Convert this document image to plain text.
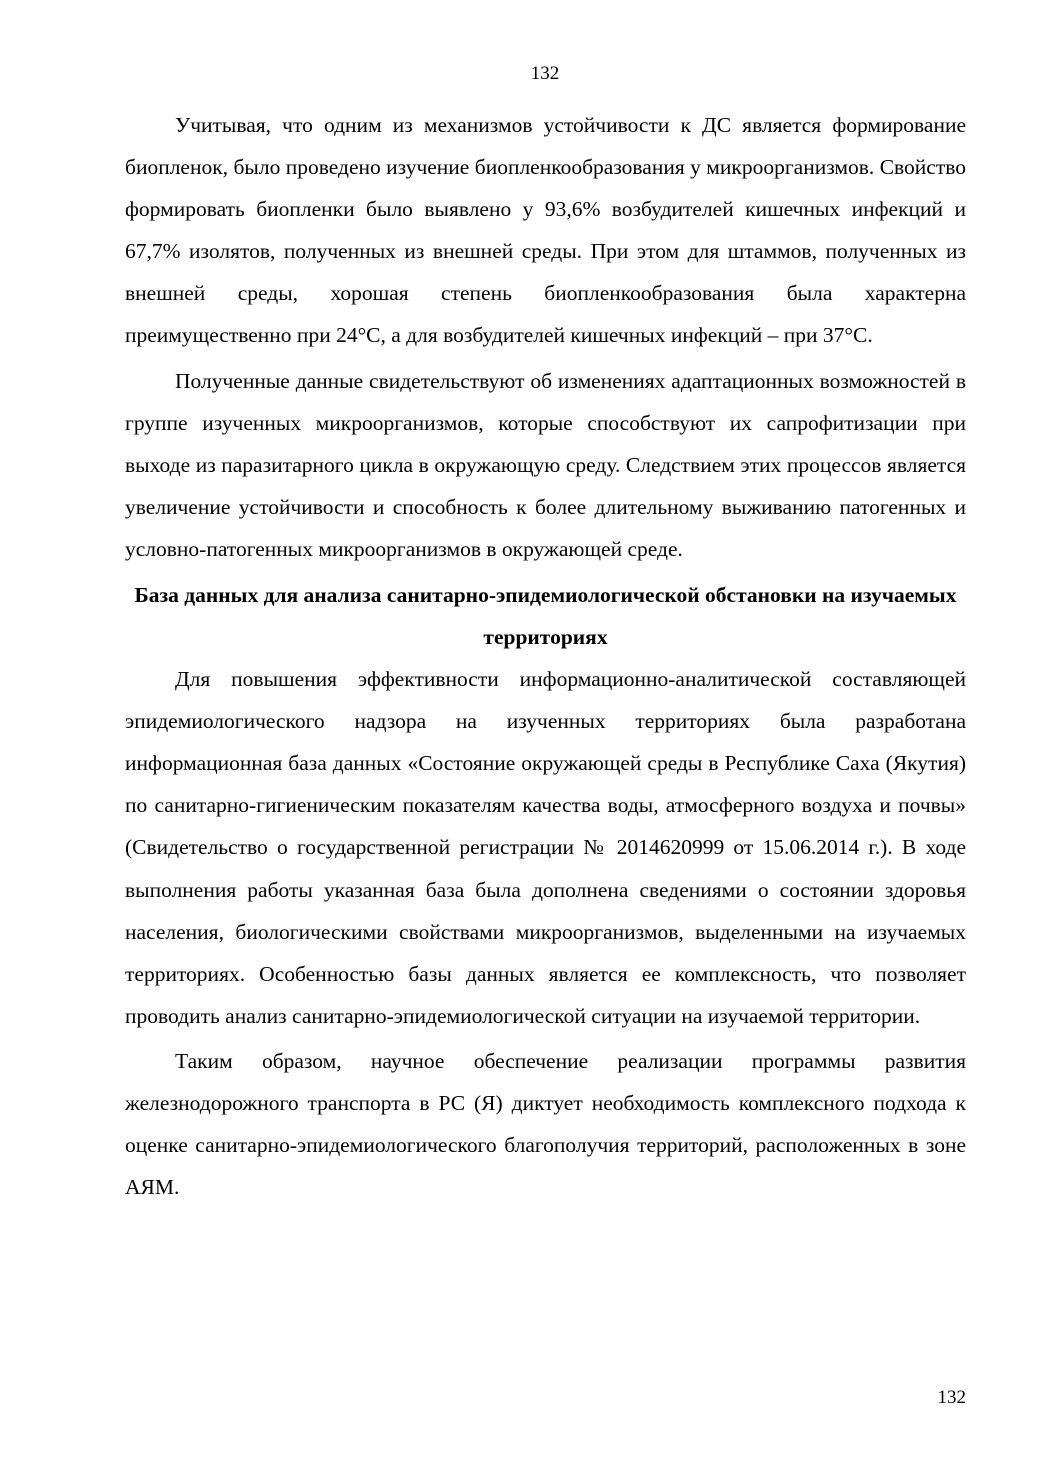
132

Учитывая, что одним из механизмов устойчивости к ДС является формирование биопленок, было проведено изучение биопленкообразования у микроорганизмов. Свойство формировать биопленки было выявлено у 93,6% возбудителей кишечных инфекций и 67,7% изолятов, полученных из внешней среды. При этом для штаммов, полученных из внешней среды, хорошая степень биопленкообразования была характерна преимущественно при 24°С, а для возбудителей кишечных инфекций – при 37°С.

Полученные данные свидетельствуют об изменениях адаптационных возможностей в группе изученных микроорганизмов, которые способствуют их сапрофитизации при выходе из паразитарного цикла в окружающую среду. Следствием этих процессов является увеличение устойчивости и способность к более длительному выживанию патогенных и условно-патогенных микроорганизмов в окружающей среде.

База данных для анализа санитарно-эпидемиологической обстановки на изучаемых территориях

Для повышения эффективности информационно-аналитической составляющей эпидемиологического надзора на изученных территориях была разработана информационная база данных «Состояние окружающей среды в Республике Саха (Якутия) по санитарно-гигиеническим показателям качества воды, атмосферного воздуха и почвы» (Свидетельство о государственной регистрации № 2014620999 от 15.06.2014 г.). В ходе выполнения работы указанная база была дополнена сведениями о состоянии здоровья населения, биологическими свойствами микроорганизмов, выделенными на изучаемых территориях. Особенностью базы данных является ее комплексность, что позволяет проводить анализ санитарно-эпидемиологической ситуации на изучаемой территории.

Таким образом, научное обеспечение реализации программы развития железнодорожного транспорта в РС (Я) диктует необходимость комплексного подхода к оценке санитарно-эпидемиологического благополучия территорий, расположенных в зоне АЯМ.

132
